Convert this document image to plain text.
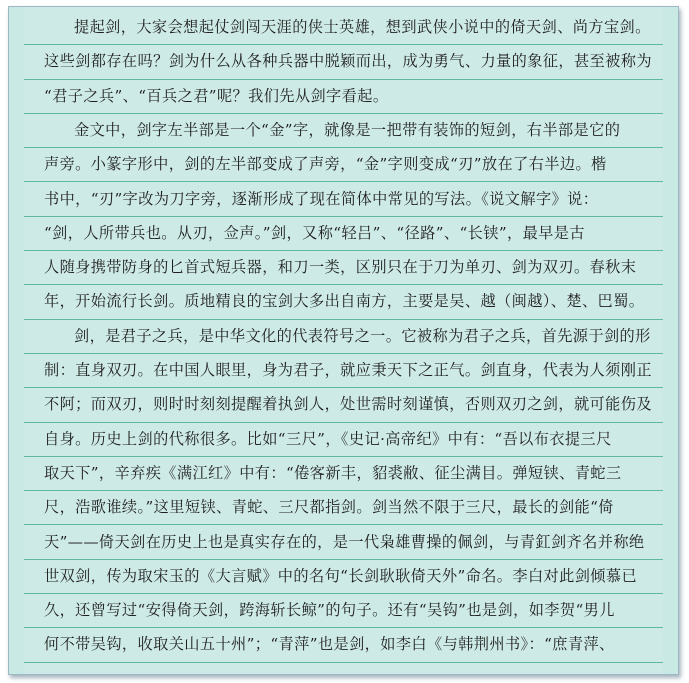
提起剑，大家会想起仗剑闯天涯的侠士英雄，想到武侠小说中的倚天剑、尚方宝剑。
这些剑都存在吗？剑为什么从各种兵器中脱颖而出，成为勇气、力量的象征，甚至被称为
“君子之兵”、“百兵之君”呢？我们先从剑字看起。
金文中，剑字左半部是一个“金”字，就像是一把带有装饰的短剑，右半部是它的
声旁。小篆字形中，剑的左半部变成了声旁，“金”字则变成“刃”放在了右半边。楷
书中，“刃”字改为刀字旁，逐渐形成了现在简体中常见的写法。《说文解字》说：
“剑，人所带兵也。从刃，佥声。”剑，又称“轻吕”、“径路”、“长铗”，最早是古
人随身携带防身的匕首式短兵器，和刀一类，区别只在于刀为单刃、剑为双刃。春秋末
年，开始流行长剑。质地精良的宝剑大多出自南方，主要是吴、越（闽越）、楚、巴蜀。
剑，是君子之兵，是中华文化的代表符号之一。它被称为君子之兵，首先源于剑的形
制：直身双刃。在中国人眼里，身为君子，就应秉天下之正气。剑直身，代表为人须刚正
不阿；而双刃，则时时刻刻提醒着执剑人，处世需时刻谨慎，否则双刃之剑，就可能伤及
自身。历史上剑的代称很多。比如“三尺”，《史记·高帝纪》中有：“吾以布衣提三尺
取天下”，辛弃疾《满江红》中有：“倦客新丰，貂裘敝、征尘满目。弹短铗、青蛇三
尺，浩歌谁续。”这里短铗、青蛇、三尺都指剑。剑当然不限于三尺，最长的剑能“倚
天”——倚天剑在历史上也是真实存在的，是一代枭雄曹操的佩剑，与青釭剑齐名并称绝
世双剑，传为取宋玉的《大言赋》中的名句“长剑耿耿倚天外”命名。李白对此剑倾慕已
久，还曾写过“安得倚天剑，跨海斩长鲸”的句子。还有“吴钩”也是剑，如李贺“男儿
何不带吴钩，收取关山五十州”；“青萍”也是剑，如李白《与韩荆州书》：“庶青萍、
